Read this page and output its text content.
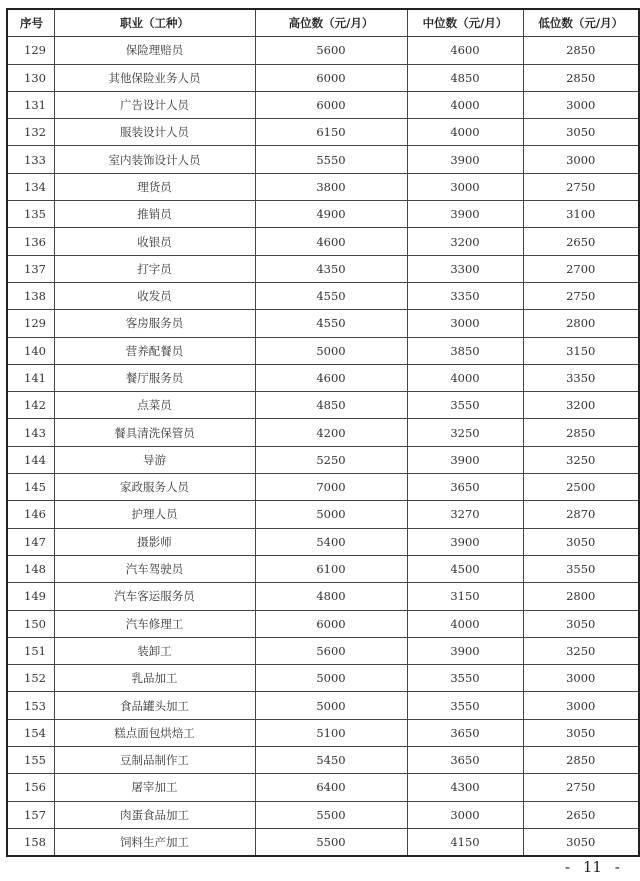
序号	职业（工种）	高位数（元/月）	中位数（元/月）	低位数（元/月）
129	保险理赔员	5600	4600	2850
130	其他保险业务人员	6000	4850	2850
131	广告设计人员	6000	4000	3000
132	服装设计人员	6150	4000	3050
133	室内装饰设计人员	5550	3900	3000
134	理货员	3800	3000	2750
135	推销员	4900	3900	3100
136	收银员	4600	3200	2650
137	打字员	4350	3300	2700
138	收发员	4550	3350	2750
129	客房服务员	4550	3000	2800
140	营养配餐员	5000	3850	3150
141	餐厅服务员	4600	4000	3350
142	点菜员	4850	3550	3200
143	餐具清洗保管员	4200	3250	2850
144	导游	5250	3900	3250
145	家政服务人员	7000	3650	2500
146	护理人员	5000	3270	2870
147	摄影师	5400	3900	3050
148	汽车驾驶员	6100	4500	3550
149	汽车客运服务员	4800	3150	2800
150	汽车修理工	6000	4000	3050
151	装卸工	5600	3900	3250
152	乳品加工	5000	3550	3000
153	食品罐头加工	5000	3550	3000
154	糕点面包烘焙工	5100	3650	3050
155	豆制品制作工	5450	3650	2850
156	屠宰加工	6400	4300	2750
157	肉蛋食品加工	5500	3000	2650
158	饲料生产加工	5500	4150	3050
- 11 -
